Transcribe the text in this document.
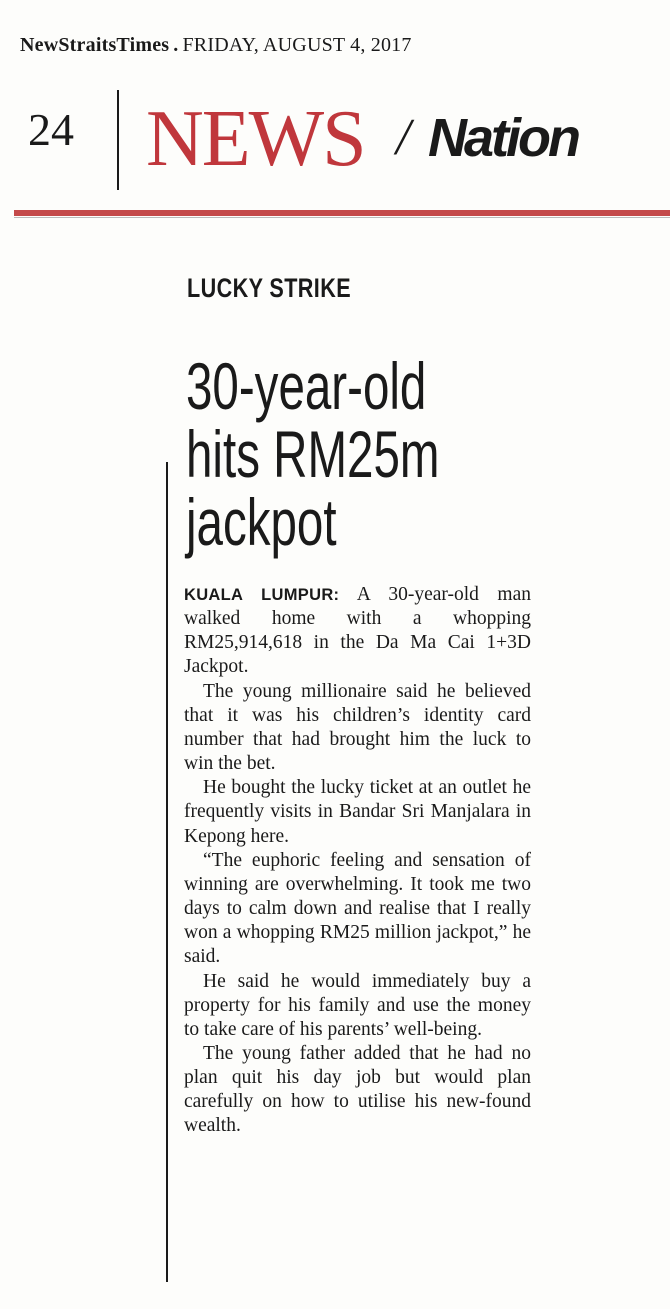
NewStraitsTimes . FRIDAY, AUGUST 4, 2017
24 NEWS / Nation
LUCKY STRIKE
30-year-old
hits RM25m
jackpot

KUALA LUMPUR: A 30-year-old man walked home with a whopping RM25,914,618 in the Da Ma Cai 1+3D Jackpot.

The young millionaire said he believed that it was his children’s identity card number that had brought him the luck to win the bet.

He bought the lucky ticket at an outlet he frequently visits in Bandar Sri Manjalara in Kepong here.

“The euphoric feeling and sensation of winning are overwhelming. It took me two days to calm down and realise that I really won a whopping RM25 million jackpot,” he said.

He said he would immediately buy a property for his family and use the money to take care of his parents’ well-being.

The young father added that he had no plan quit his day job but would plan carefully on how to utilise his new-found wealth.
